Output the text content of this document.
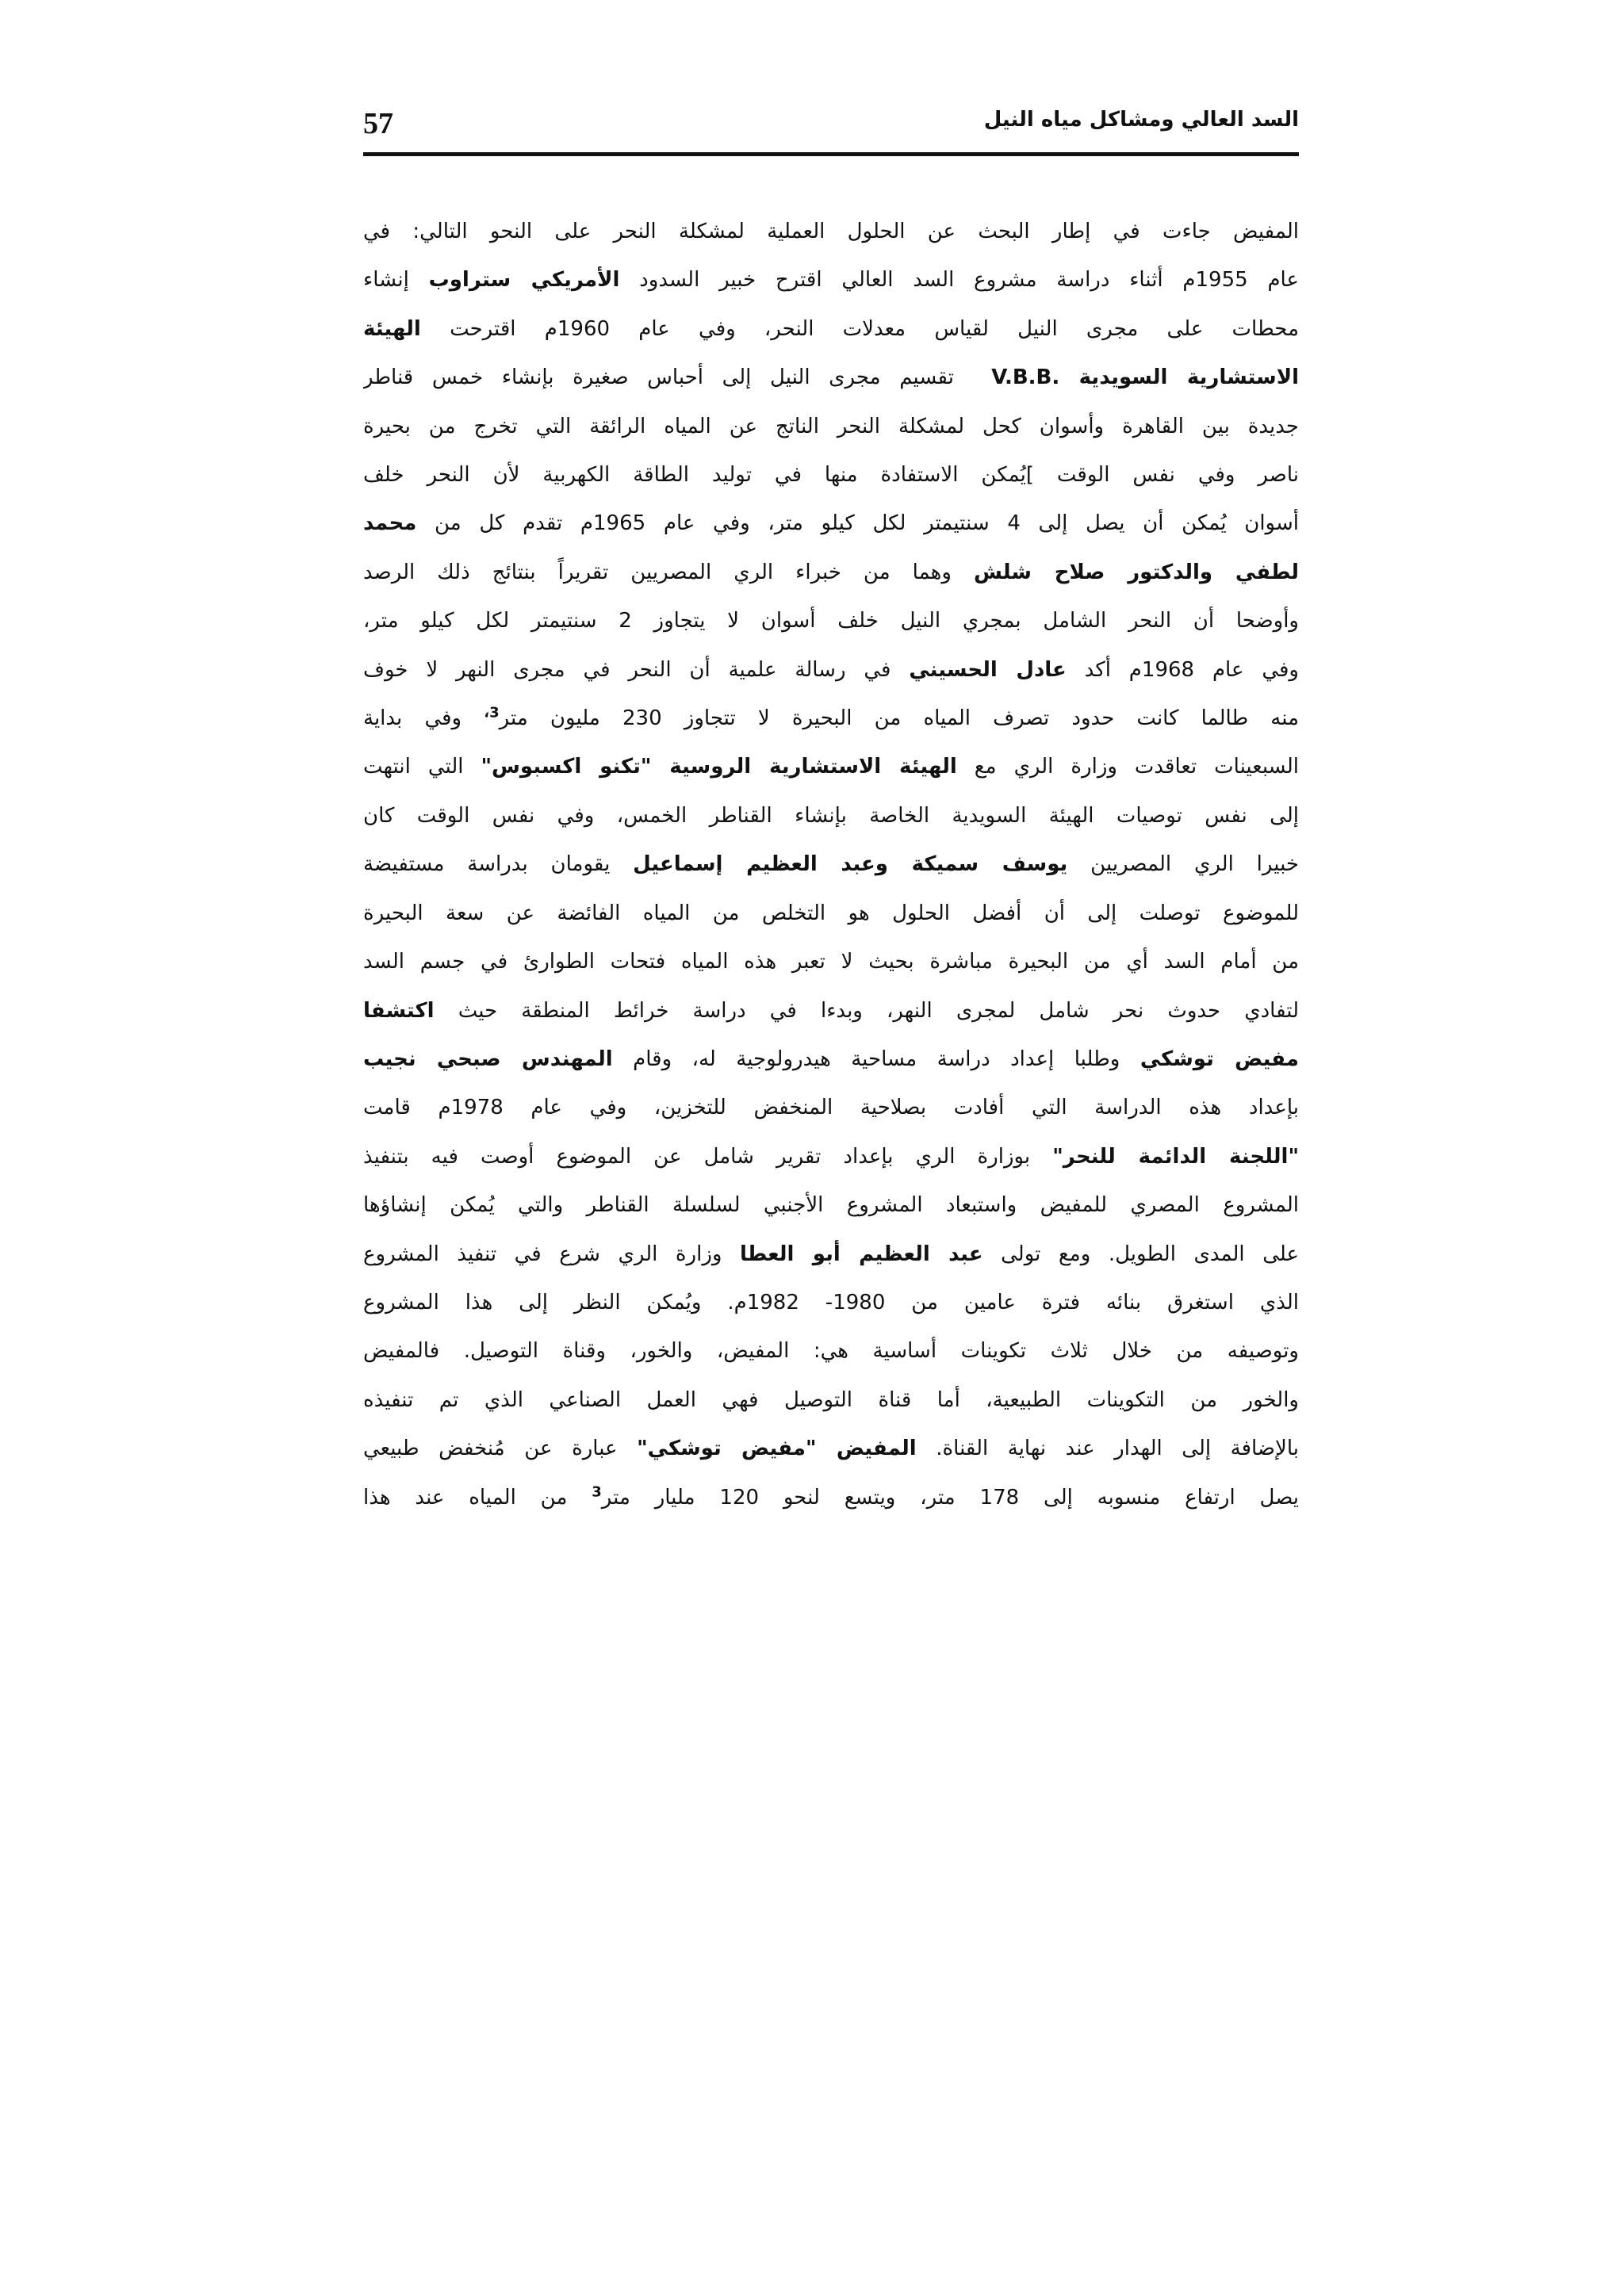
57	السد العالي ومشاكل مياه النيل
المفيض جاءت في إطار البحث عن الحلول العملية لمشكلة النحر على النحو التالي: في
عام 1955م أثناء دراسة مشروع السد العالي اقترح خبير السدود الأمريكي ستراوب إنشاء
محطات على مجرى النيل لقياس معدلات النحر، وفي عام 1960م اقترحت الهيئة
الاستشارية السويدية V.B.B.  تقسيم مجرى النيل إلى أحباس صغيرة بإنشاء خمس قناطر
جديدة بين القاهرة وأسوان كحل لمشكلة النحر الناتج عن المياه الرائقة التي تخرج من بحيرة
ناصر وفي نفس الوقت ]يُمكن الاستفادة منها في توليد الطاقة الكهربية لأن النحر خلف
أسوان يُمكن أن يصل إلى 4 سنتيمتر لكل كيلو متر، وفي عام 1965م تقدم كل من محمد
لطفي والدكتور صلاح شلش وهما من خبراء الري المصريين تقريراً بنتائج ذلك الرصد
وأوضحا أن النحر الشامل بمجري النيل خلف أسوان لا يتجاوز 2 سنتيمتر لكل كيلو متر،
وفي عام 1968م أكد عادل الحسيني في رسالة علمية أن النحر في مجرى النهر لا خوف
منه طالما كانت حدود تصرف المياه من البحيرة لا تتجاوز 230 مليون متر$^{3،}$ وفي بداية
السبعينات تعاقدت وزارة الري مع الهيئة الاستشارية الروسية "تكنو اكسبوس" التي انتهت
إلى نفس توصيات الهيئة السويدية الخاصة بإنشاء القناطر الخمس، وفي نفس الوقت كان
خبيرا الري المصريين يوسف سميكة وعبد العظيم إسماعيل يقومان بدراسة مستفيضة
للموضوع توصلت إلى أن أفضل الحلول هو التخلص من المياه الفائضة عن سعة البحيرة
من أمام السد أي من البحيرة مباشرة بحيث لا تعبر هذه المياه فتحات الطوارئ في جسم السد
لتفادي حدوث نحر شامل لمجرى النهر، وبدءا في دراسة خرائط المنطقة حيث اكتشفا
مفيض توشكي وطلبا إعداد دراسة مساحية هيدرولوجية له، وقام المهندس صبحي نجيب
بإعداد هذه الدراسة التي أفادت بصلاحية المنخفض للتخزين، وفي عام 1978م قامت
"اللجنة الدائمة للنحر" بوزارة الري بإعداد تقرير شامل عن الموضوع أوصت فيه بتنفيذ
المشروع المصري للمفيض واستبعاد المشروع الأجنبي لسلسلة القناطر والتي يُمكن إنشاؤها
على المدى الطويل. ومع تولى عبد العظيم أبو العطا وزارة الري شرع في تنفيذ المشروع
الذي استغرق بنائه فترة عامين من 1980- 1982م. ويُمكن النظر إلى هذا المشروع
وتوصيفه من خلال ثلاث تكوينات أساسية هي: المفيض، والخور، وقناة التوصيل. فالمفيض
والخور من التكوينات الطبيعية، أما قناة التوصيل فهي العمل الصناعي الذي تم تنفيذه
بالإضافة إلى الهدار عند نهاية القناة. المفيض "مفيض توشكي" عبارة عن مُنخفض طبيعي
يصل ارتفاع منسوبه إلى 178 متر، ويتسع لنحو 120 مليار متر$^3$ من المياه عند هذا
